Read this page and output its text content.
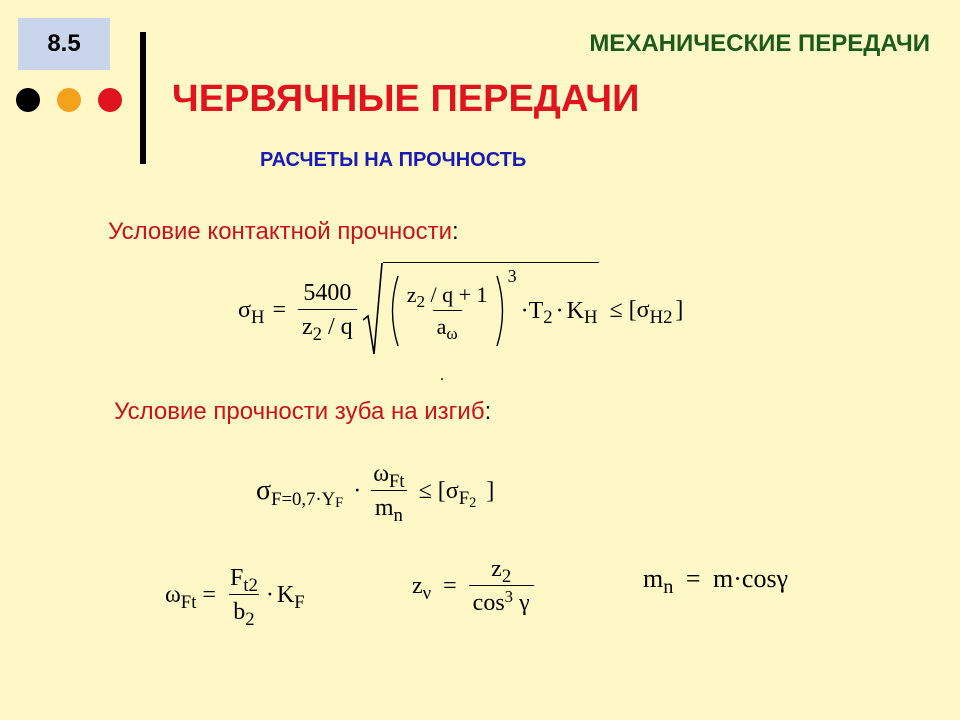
8.5	МЕХАНИЧЕСКИЕ ПЕРЕДАЧИ
ЧЕРВЯЧНЫЕ ПЕРЕДАЧИ
РАСЧЕТЫ НА ПРОЧНОСТЬ
Условие контактной прочности:
$\sigma_H = \frac{5400}{z_2 / q} \frac{z_2 / q + 1}{a_\omega}$
3
· $T_2 \cdot K_H \le [\sigma_{H2}$ ]
.
Условие прочности зуба на изгиб:
$\sigma_{F=0,7\cdot YF} \cdot \frac{\omega_{Ft}}{m_n} \le [\sigma_{F2}$ ]
$\omega_{Ft} = \frac{F_{t2}}{b_2} \cdot K_F$
$z_\nu = \frac{z_2}{\cos^3 \gamma}$	$m_n = m\cdot\cos\gamma$
